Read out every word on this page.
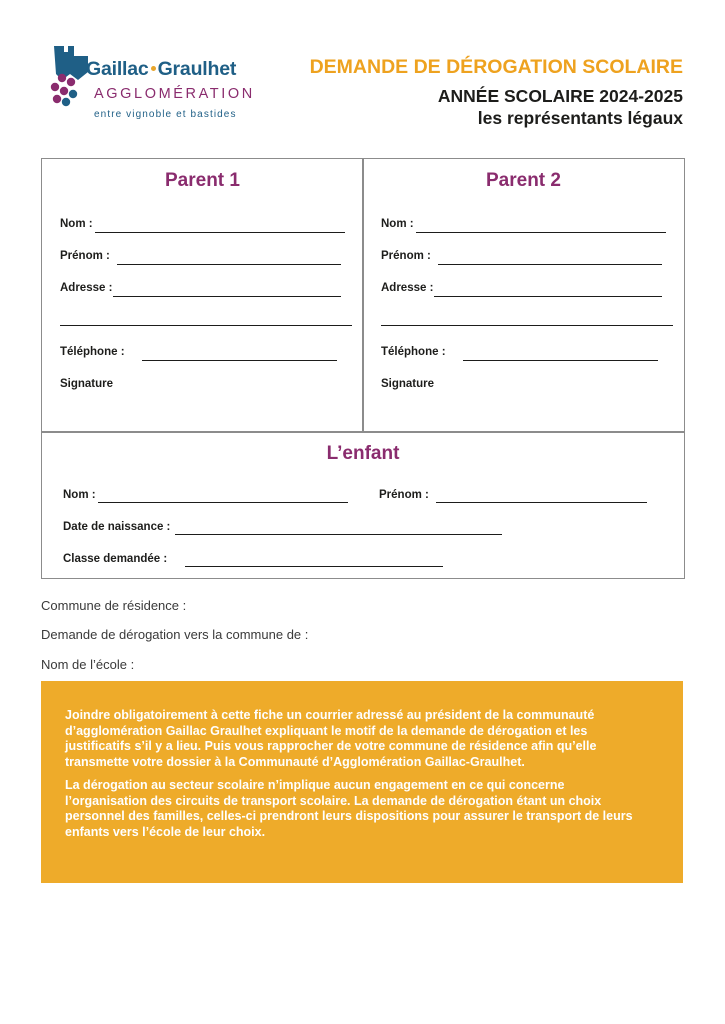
Gaillac Graulhet
AGGLOMÉRATION
entre vignoble et bastides
DEMANDE DE DÉROGATION SCOLAIRE
ANNÉE SCOLAIRE 2024-2025
les représentants légaux
Parent 1
Nom :
Prénom :
Adresse :
Téléphone :
Signature
Parent 2
Nom :
Prénom :
Adresse :
Téléphone :
Signature
L’enfant
Nom :	Prénom :
Date de naissance :
Classe demandée :
Commune de résidence :
Demande de dérogation vers la commune de :
Nom de l’école :

Joindre obligatoirement à cette fiche un courrier adressé au président de la communauté d’agglomération Gaillac Graulhet expliquant le motif de la demande de dérogation et les justificatifs s’il y a lieu. Puis vous rapprocher de votre commune de résidence afin qu’elle transmette votre dossier à la Communauté d’Agglomération Gaillac-Graulhet.

La dérogation au secteur scolaire n’implique aucun engagement en ce qui concerne l’organisation des circuits de transport scolaire. La demande de dérogation étant un choix personnel des familles, celles-ci prendront leurs dispositions pour assurer le transport de leurs enfants vers l’école de leur choix.
